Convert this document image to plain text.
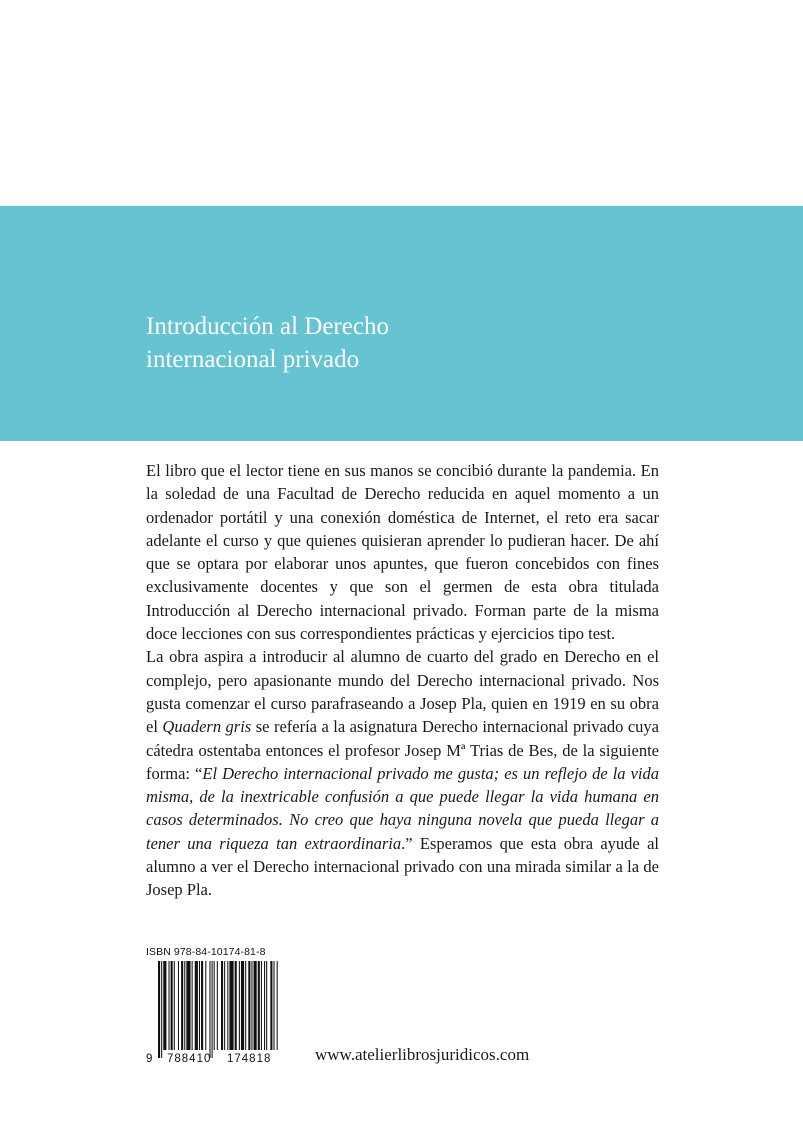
Introducción al Derecho
internacional privado

El libro que el lector tiene en sus manos se concibió durante la pandemia. En la soledad de una Facultad de Derecho reducida en aquel momento a un ordenador portátil y una conexión doméstica de Internet, el reto era sacar adelante el curso y que quienes quisieran aprender lo pudieran hacer. De ahí que se optara por elaborar unos apuntes, que fueron concebidos con fines exclusivamente docentes y que son el germen de esta obra titulada Introducción al Derecho internacional privado. Forman parte de la misma doce lecciones con sus correspondientes prácticas y ejercicios tipo test.

La obra aspira a introducir al alumno de cuarto del grado en Derecho en el complejo, pero apasionante mundo del Derecho internacional privado. Nos gusta comenzar el curso parafraseando a Josep Pla, quien en 1919 en su obra el Quadern gris se refería a la asignatura Derecho internacional privado cuya cátedra ostentaba entonces el profesor Josep Mª Trias de Bes, de la siguiente forma: “El Derecho internacional privado me gusta; es un reflejo de la vida misma, de la inextricable confusión a que puede llegar la vida humana en casos determinados. No creo que haya ninguna novela que pueda llegar a tener una riqueza tan extraordinaria.” Esperamos que esta obra ayude al alumno a ver el Derecho internacional privado con una mirada similar a la de Josep Pla.

ISBN 978-84-10174-81-8
9 788410 174818	www.atelierlibrosjuridicos.com
